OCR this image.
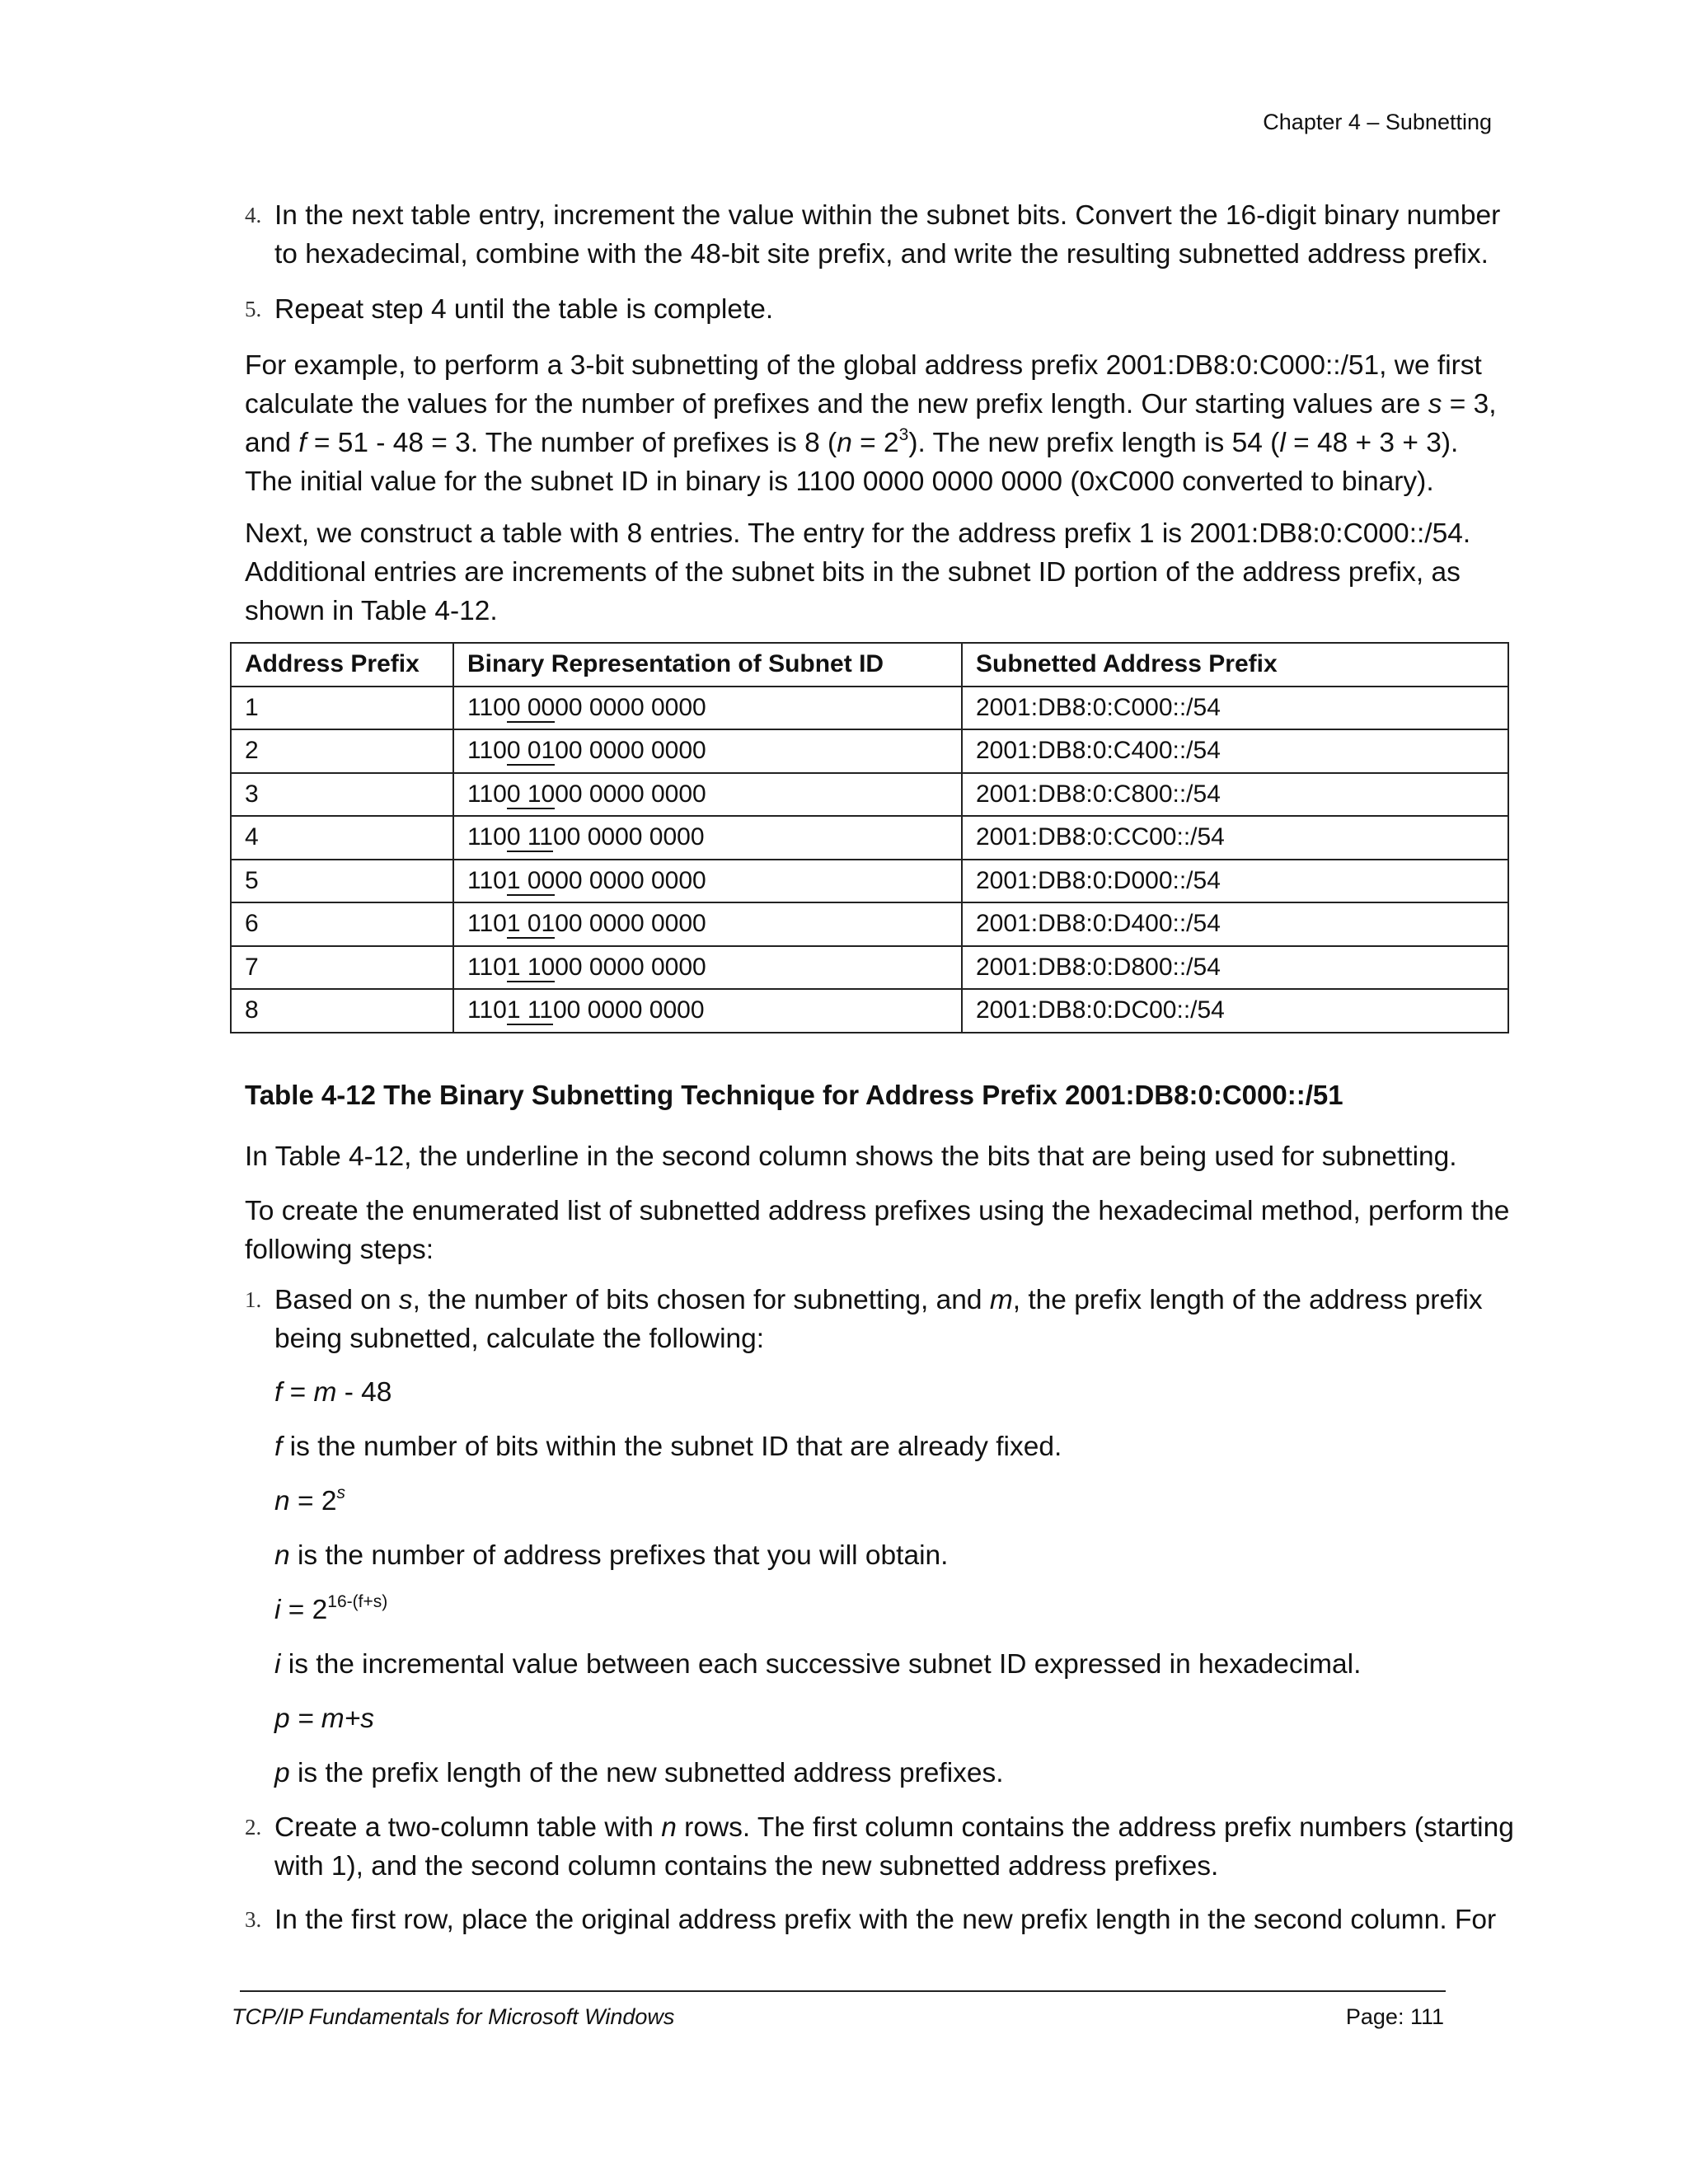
Chapter 4 – Subnetting
4. In the next table entry, increment the value within the subnet bits. Convert the 16-digit binary number to hexadecimal, combine with the 48-bit site prefix, and write the resulting subnetted address prefix.
5. Repeat step 4 until the table is complete.
For example, to perform a 3-bit subnetting of the global address prefix 2001:DB8:0:C000::/51, we first
calculate the values for the number of prefixes and the new prefix length. Our starting values are s = 3,
and f = 51 - 48 = 3. The number of prefixes is 8 $(n = 2^3)$. The new prefix length is 54 (l = 48 + 3 + 3).
The initial value for the subnet ID in binary is 1100 0000 0000 0000 (0xC000 converted to binary).
Next, we construct a table with 8 entries. The entry for the address prefix 1 is 2001:DB8:0:C000::/54. Additional entries are increments of the subnet bits in the subnet ID portion of the address prefix, as shown in Table 4-12.
Address Prefix	Binary Representation of Subnet ID	Subnetted Address Prefix
1	1100 0000 0000 0000	2001:DB8:0:C000::/54
2	1100 0100 0000 0000	2001:DB8:0:C400::/54
3	1100 1000 0000 0000	2001:DB8:0:C800::/54
4	1100 1100 0000 0000	2001:DB8:0:CC00::/54
5	1101 0000 0000 0000	2001:DB8:0:D000::/54
6	1101 0100 0000 0000	2001:DB8:0:D400::/54
7	1101 1000 0000 0000	2001:DB8:0:D800::/54
8	1101 1100 0000 0000	2001:DB8:0:DC00::/54
Table 4-12 The Binary Subnetting Technique for Address Prefix 2001:DB8:0:C000::/51
In Table 4-12, the underline in the second column shows the bits that are being used for subnetting.
To create the enumerated list of subnetted address prefixes using the hexadecimal method, perform the following steps:
1. Based on s, the number of bits chosen for subnetting, and m, the prefix length of the address prefix being subnetted, calculate the following:
f = m - 48
f is the number of bits within the subnet ID that are already fixed.
$n = 2^s$
n is the number of address prefixes that you will obtain.
$i = 2^{16-(f+s)}$
i is the incremental value between each successive subnet ID expressed in hexadecimal.
p = m+s
p is the prefix length of the new subnetted address prefixes.
2. Create a two-column table with n rows. The first column contains the address prefix numbers (starting with 1), and the second column contains the new subnetted address prefixes.
3. In the first row, place the original address prefix with the new prefix length in the second column. For
TCP/IP Fundamentals for Microsoft Windows	Page: 111
